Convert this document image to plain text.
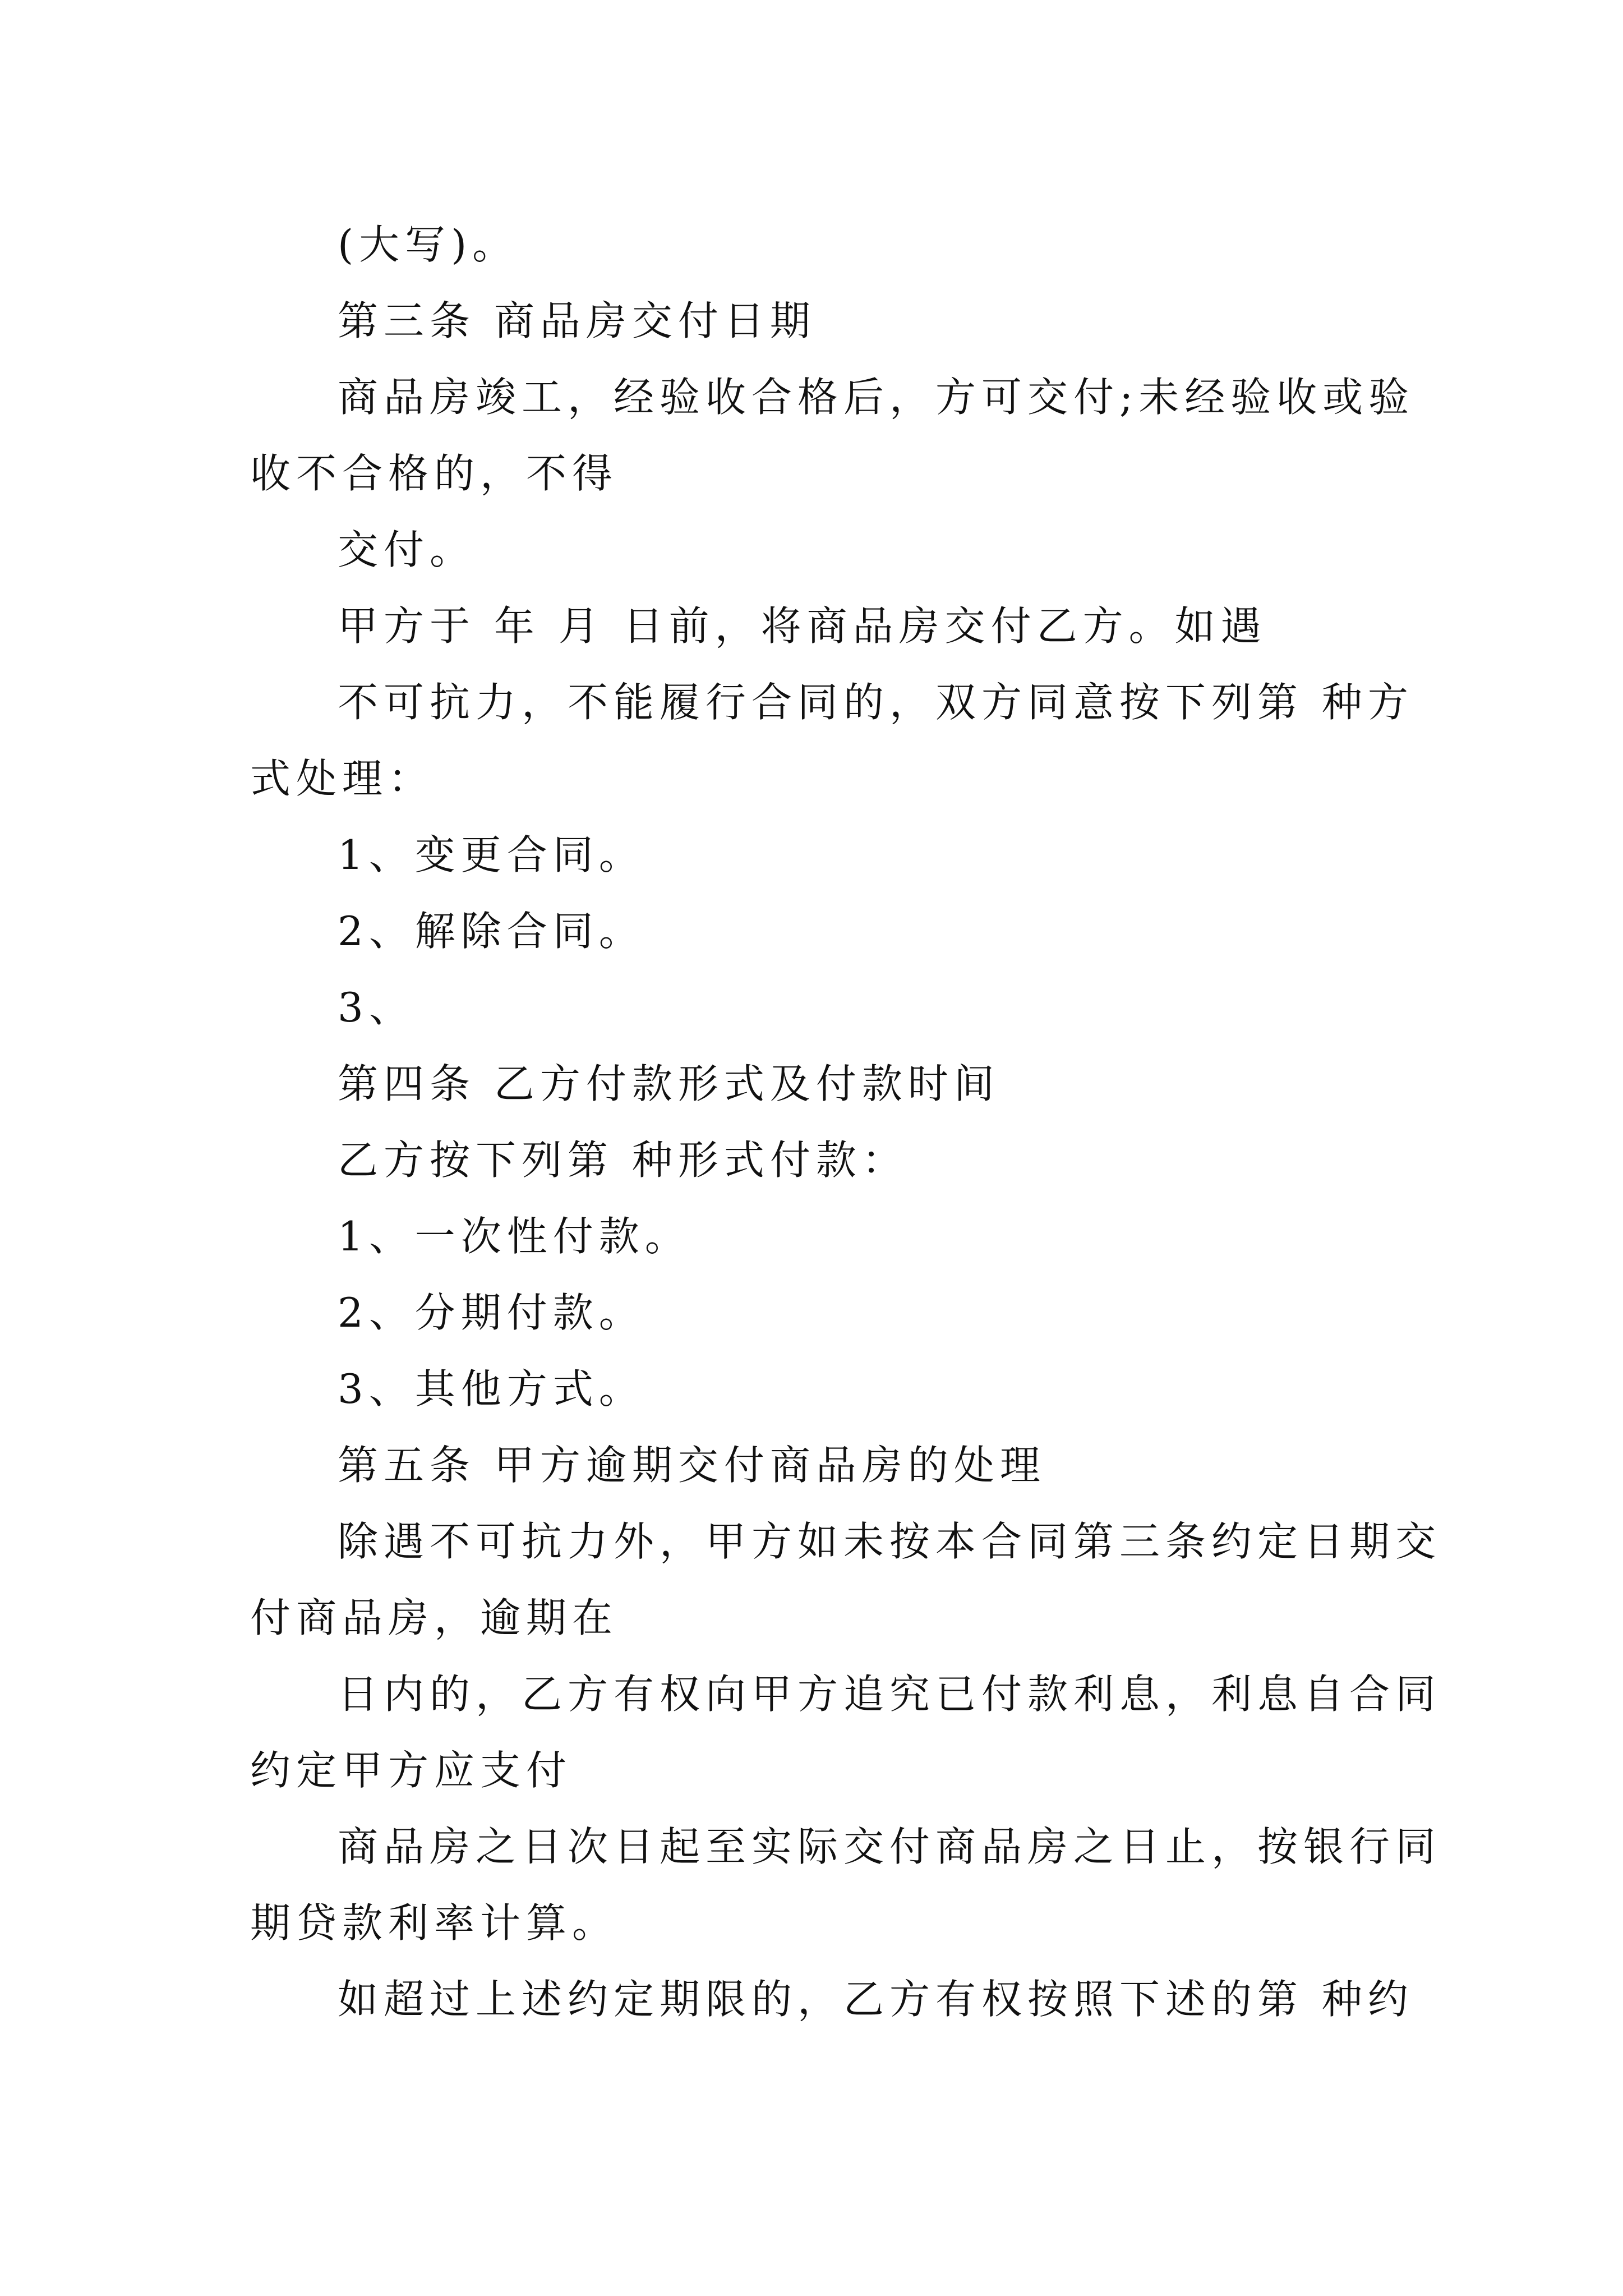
(大写)。

第三条 商品房交付日期

商品房竣工，经验收合格后，方可交付;未经验收或验

收不合格的，不得

交付。

甲方于 年 月 日前，将商品房交付乙方。如遇

不可抗力，不能履行合同的，双方同意按下列第 种方

式处理：

1、变更合同。

2、解除合同。

3、

第四条 乙方付款形式及付款时间

乙方按下列第 种形式付款：

1、一次性付款。

2、分期付款。

3、其他方式。

第五条 甲方逾期交付商品房的处理

除遇不可抗力外，甲方如未按本合同第三条约定日期交

付商品房，逾期在

日内的，乙方有权向甲方追究已付款利息，利息自合同

约定甲方应支付

商品房之日次日起至实际交付商品房之日止，按银行同

期贷款利率计算。

如超过上述约定期限的，乙方有权按照下述的第 种约
